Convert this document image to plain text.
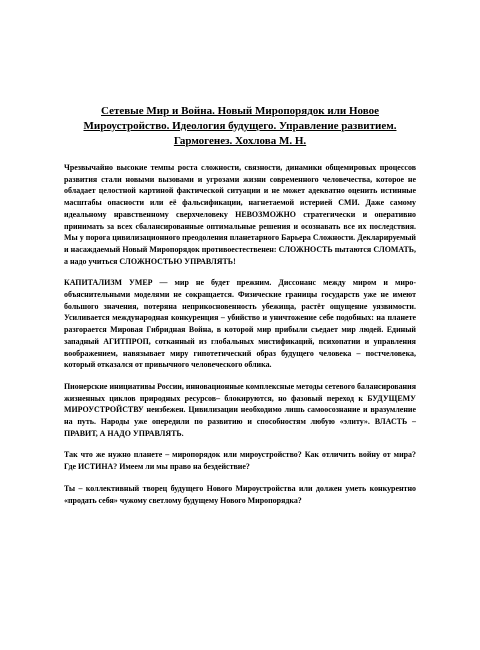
Сетевые Мир и Война. Новый Миропорядок или Новое Мироустройство. Идеология будущего. Управление развитием. Гармогенез. Хохлова М. Н.

Чрезвычайно высокие темпы роста сложности, связности, динамики общемировых процессов развития стали новыми вызовами и угрозами жизни современного человечества, которое не обладает целостной картиной фактической ситуации и не может адекватно оценить истинные масштабы опасности или её фальсификации, нагнетаемой истерией СМИ. Даже самому идеальному нравственному сверхчеловеку НЕВОЗМОЖНО стратегически и оперативно принимать за всех сбалансированные оптимальные решения и осознавать все их последствия. Мы у порога цивилизационного преодоления планетарного Барьера Сложности. Декларируемый и насаждаемый Новый Миропорядок противоестественен: СЛОЖНОСТЬ пытаются СЛОМАТЬ, а надо учиться СЛОЖНОСТЬЮ УПРАВЛЯТЬ!

КАПИТАЛИЗМ УМЕР — мир не будет прежним. Диссонанс между миром и миро-объяснительными моделями не сокращается. Физические границы государств уже не имеют большого значения, потеряна неприкосновенность убежища, растёт ощущение уязвимости. Усиливается международная конкуренция – убийство и уничтожение себе подобных: на планете разгорается Мировая Гибридная Война, в которой мир прибыли съедает мир людей. Единый западный АГИТПРОП, сотканный из глобальных мистификаций, психопатии и управления воображением, навязывает миру гипотетический образ будущего человека – постчеловека, который отказался от привычного человеческого облика.

Пионерские инициативы России, инновационные комплексные методы сетевого балансирования жизненных циклов природных ресурсов– блокируются, но фазовый переход к БУДУЩЕМУ МИРОУСТРОЙСТВУ неизбежен. Цивилизации необходимо лишь самоосознание и вразумление на путь. Народы уже опередили по развитию и способностям любую «элиту». ВЛАСТЬ – ПРАВИТ, А НАДО УПРАВЛЯТЬ.

Так что же нужно планете – миропорядок или мироустройство? Как отличить войну от мира? Где ИСТИНА? Имеем ли мы право на бездействие?

Ты – коллективный творец будущего Нового Мироустройства или должен уметь конкурентно «продать себя» чужому светлому будущему Нового Миропорядка?
